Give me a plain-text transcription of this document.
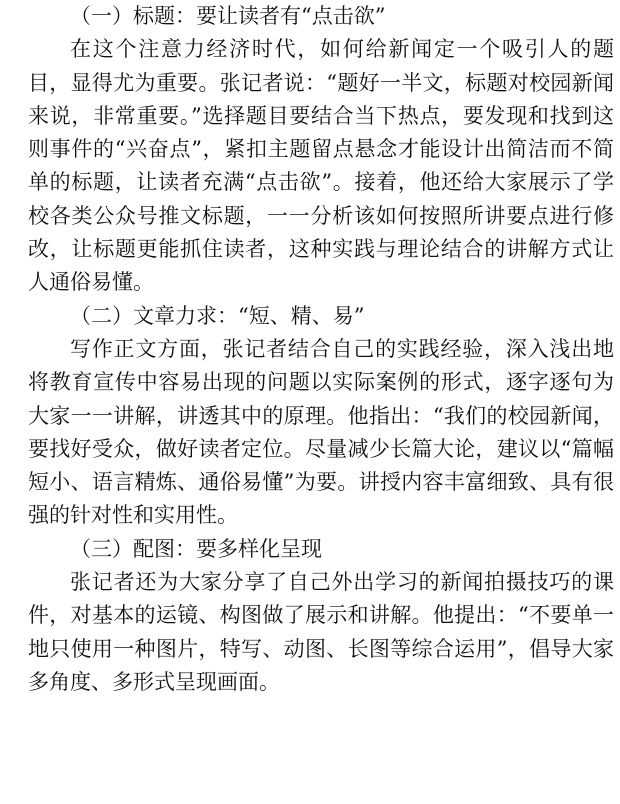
（一）标题：要让读者有“点击欲”

在这个注意力经济时代，如何给新闻定一个吸引人的题目，显得尤为重要。张记者说：“题好一半文，标题对校园新闻来说，非常重要。”选择题目要结合当下热点，要发现和找到这则事件的“兴奋点”，紧扣主题留点悬念才能设计出简洁而不简单的标题，让读者充满“点击欲”。接着，他还给大家展示了学校各类公众号推文标题，一一分析该如何按照所讲要点进行修改，让标题更能抓住读者，这种实践与理论结合的讲解方式让人通俗易懂。

（二）文章力求：“短、精、易”

写作正文方面，张记者结合自己的实践经验，深入浅出地将教育宣传中容易出现的问题以实际案例的形式，逐字逐句为大家一一讲解，讲透其中的原理。他指出：“我们的校园新闻，要找好受众，做好读者定位。尽量减少长篇大论，建议以“篇幅短小、语言精炼、通俗易懂”为要。讲授内容丰富细致、具有很强的针对性和实用性。

（三）配图：要多样化呈现

张记者还为大家分享了自己外出学习的新闻拍摄技巧的课件，对基本的运镜、构图做了展示和讲解。他提出：“不要单一地只使用一种图片，特写、动图、长图等综合运用”，倡导大家多角度、多形式呈现画面。
